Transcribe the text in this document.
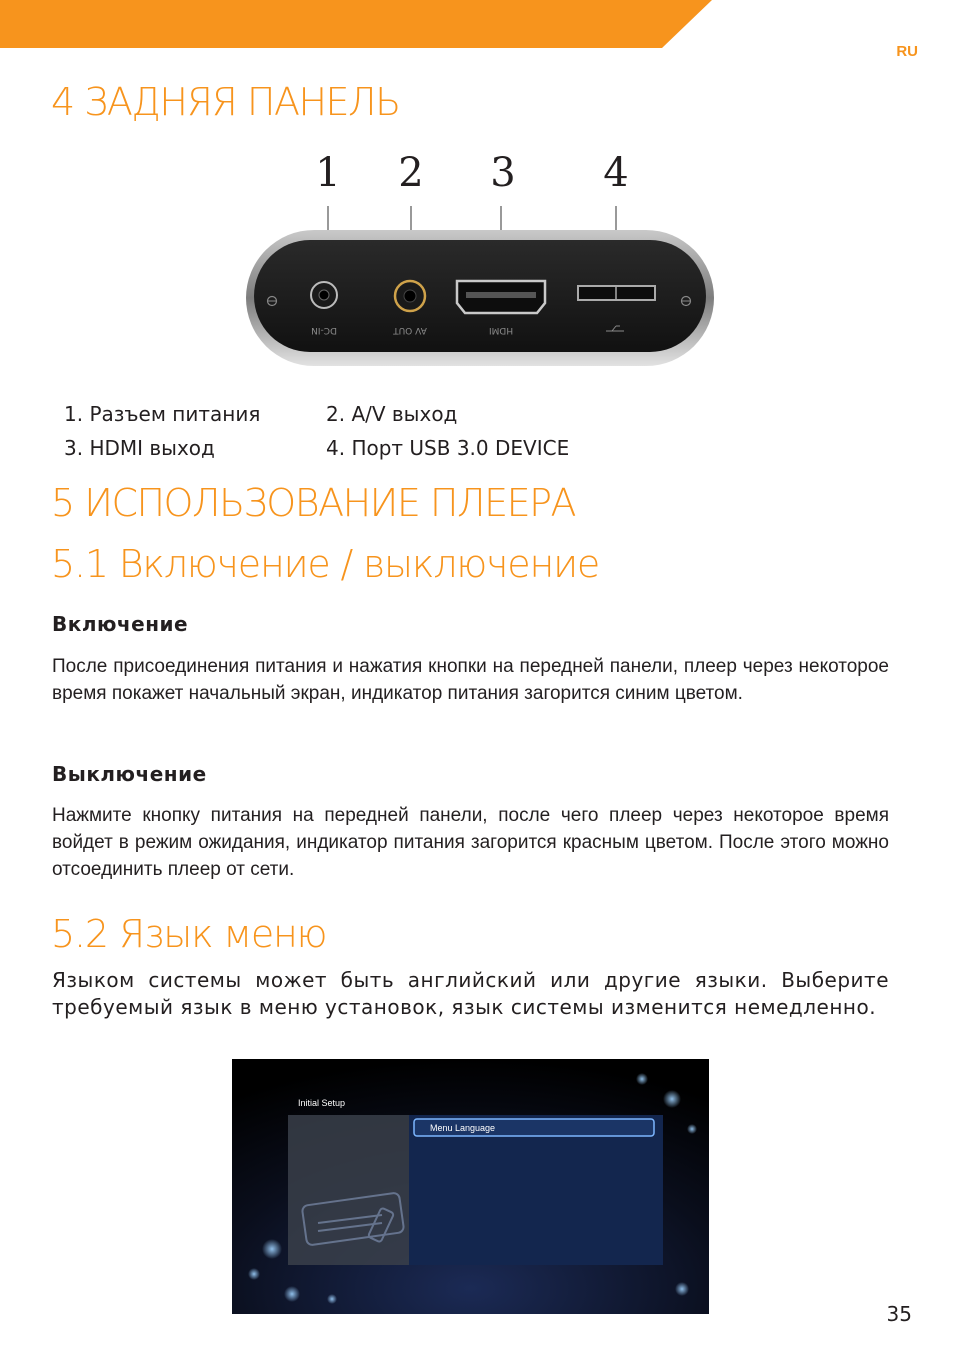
RU
4 ЗАДНЯЯ ПАНЕЛЬ
1 2 3 4
DC-IN	AV OUT	HDMI
1. Разъем питания	2. A/V выход
3. HDMI выход	4. Порт USB 3.0 DEVICE
5 ИСПОЛЬЗОВАНИЕ ПЛЕЕРА
5.1 Включение / выключение
Включение
После присоединения питания и нажатия кнопки на передней панели, плеер через некоторое время покажет начальный экран, индикатор питания загорится синим цветом.
Выключение
Нажмите кнопку питания на передней панели, после чего плеер через некоторое время войдет в режим ожидания, индикатор питания загорится красным цветом. После этого можно отсоединить плеер от сети.
5.2 Язык меню
Языком системы может быть английский или другие языки. Выберите требуемый язык в меню установок, язык системы изменится немедленно.
Initial Setup
Menu Language
35
